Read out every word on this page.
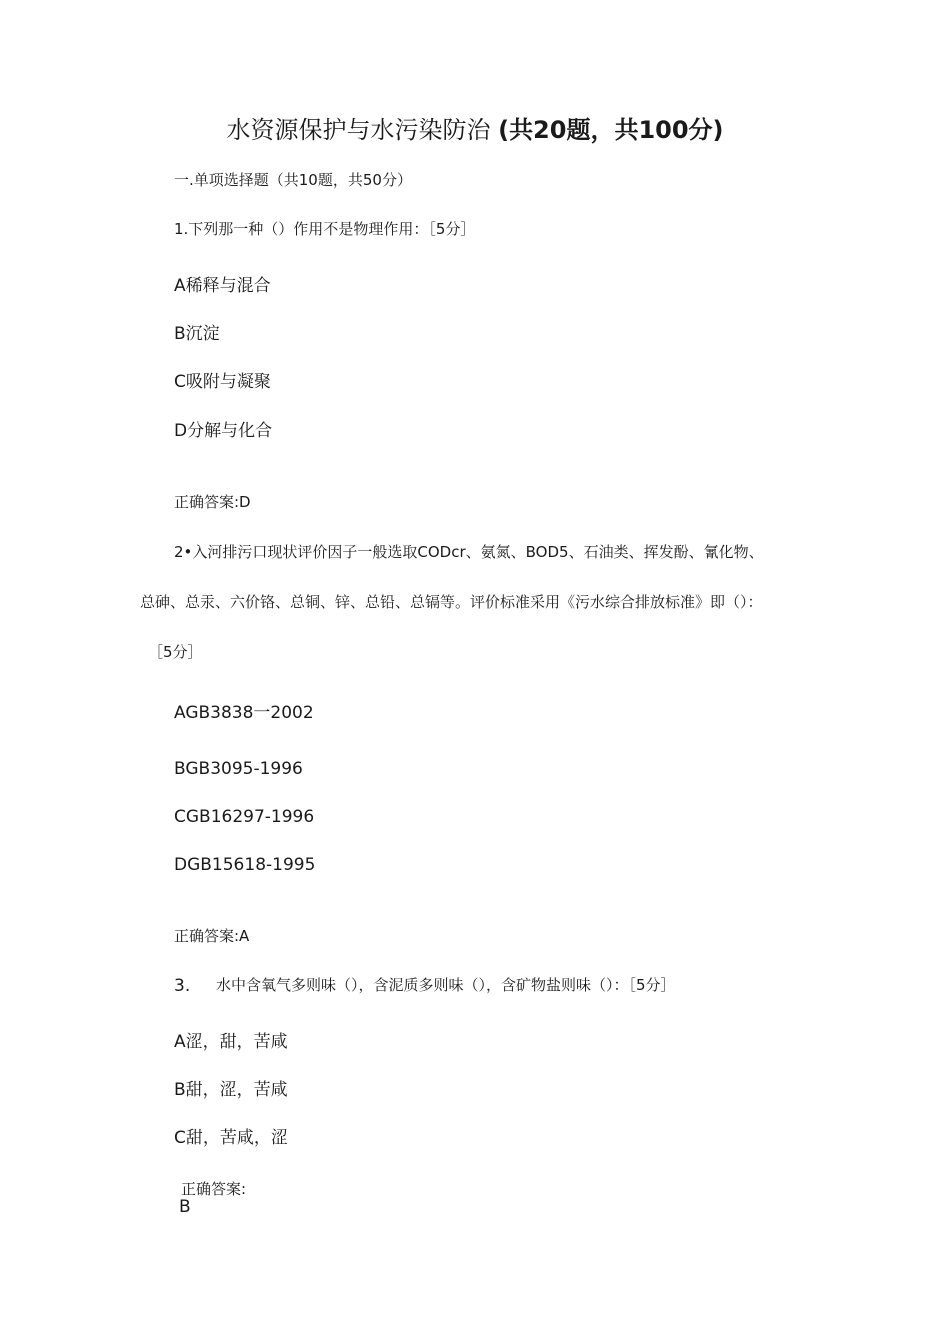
水资源保护与水污染防治 (共20题，共100分)
一.单项选择题（共10题，共50分）
1.下列那一种（）作用不是物理作用：［5分］
A稀释与混合
B沉淀
C吸附与凝聚
D分解与化合
正确答案:D
2•入河排污口现状评价因子一般选取CODcr、氨氮、BOD5、石油类、挥发酚、氰化物、
总砷、总汞、六价铬、总铜、锌、总铅、总镉等。评价标准采用《污水综合排放标准》即（）：
［5分］
AGB3838一2002
BGB3095-1996
CGB16297-1996
DGB15618-1995
正确答案:A
3. 水中含氧气多则味（），含泥质多则味（），含矿物盐则味（）：［5分］
A涩，甜，苦咸
B甜，涩，苦咸
C甜，苦咸，涩
正确答案:
B
